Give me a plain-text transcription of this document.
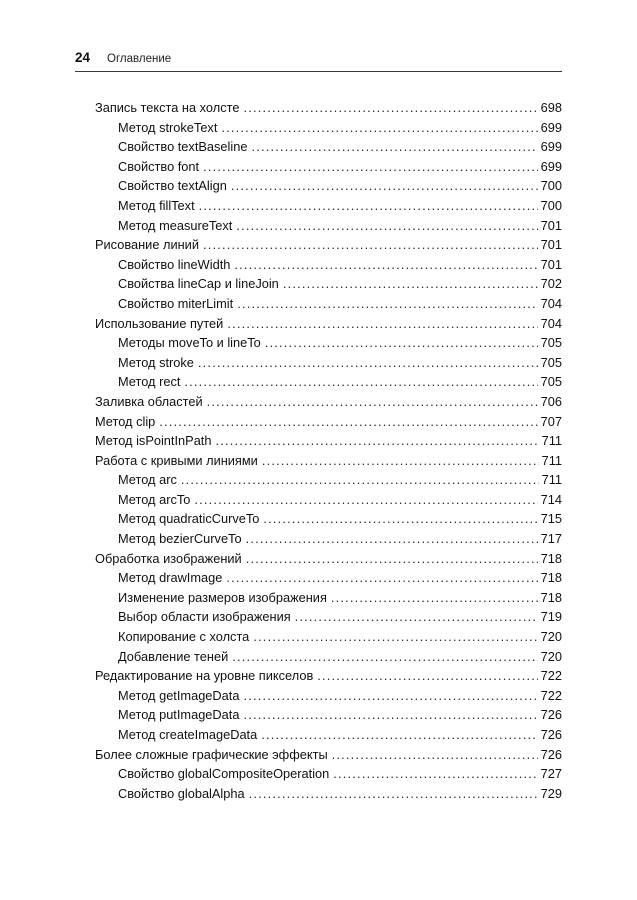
24 Оглавление
Запись текста на холсте .....	698
Метод strokeText .....	699
Свойство textBaseline .....	699
Свойство font .....	699
Свойство textAlign .....	700
Метод fillText .....	700
Метод measureText .....	701
Рисование линий .....	701
Свойство lineWidth .....	701
Свойства lineCap и lineJoin .....	702
Свойство miterLimit .....	704
Использование путей .....	704
Методы moveTo и lineTo .....	705
Метод stroke .....	705
Метод rect .....	705
Заливка областей .....	706
Метод clip .....	707
Метод isPointInPath .....	711
Работа с кривыми линиями .....	711
Метод arc .....	711
Метод arcTo .....	714
Метод quadraticCurveTo .....	715
Метод bezierCurveTo .....	717
Обработка изображений .....	718
Метод drawImage .....	718
Изменение размеров изображения .....	718
Выбор области изображения .....	719
Копирование с холста .....	720
Добавление теней .....	720
Редактирование на уровне пикселов .....	722
Метод getImageData .....	722
Метод putImageData .....	726
Метод createImageData .....	726
Более сложные графические эффекты .....	726
Свойство globalCompositeOperation .....	727
Свойство globalAlpha .....	729
